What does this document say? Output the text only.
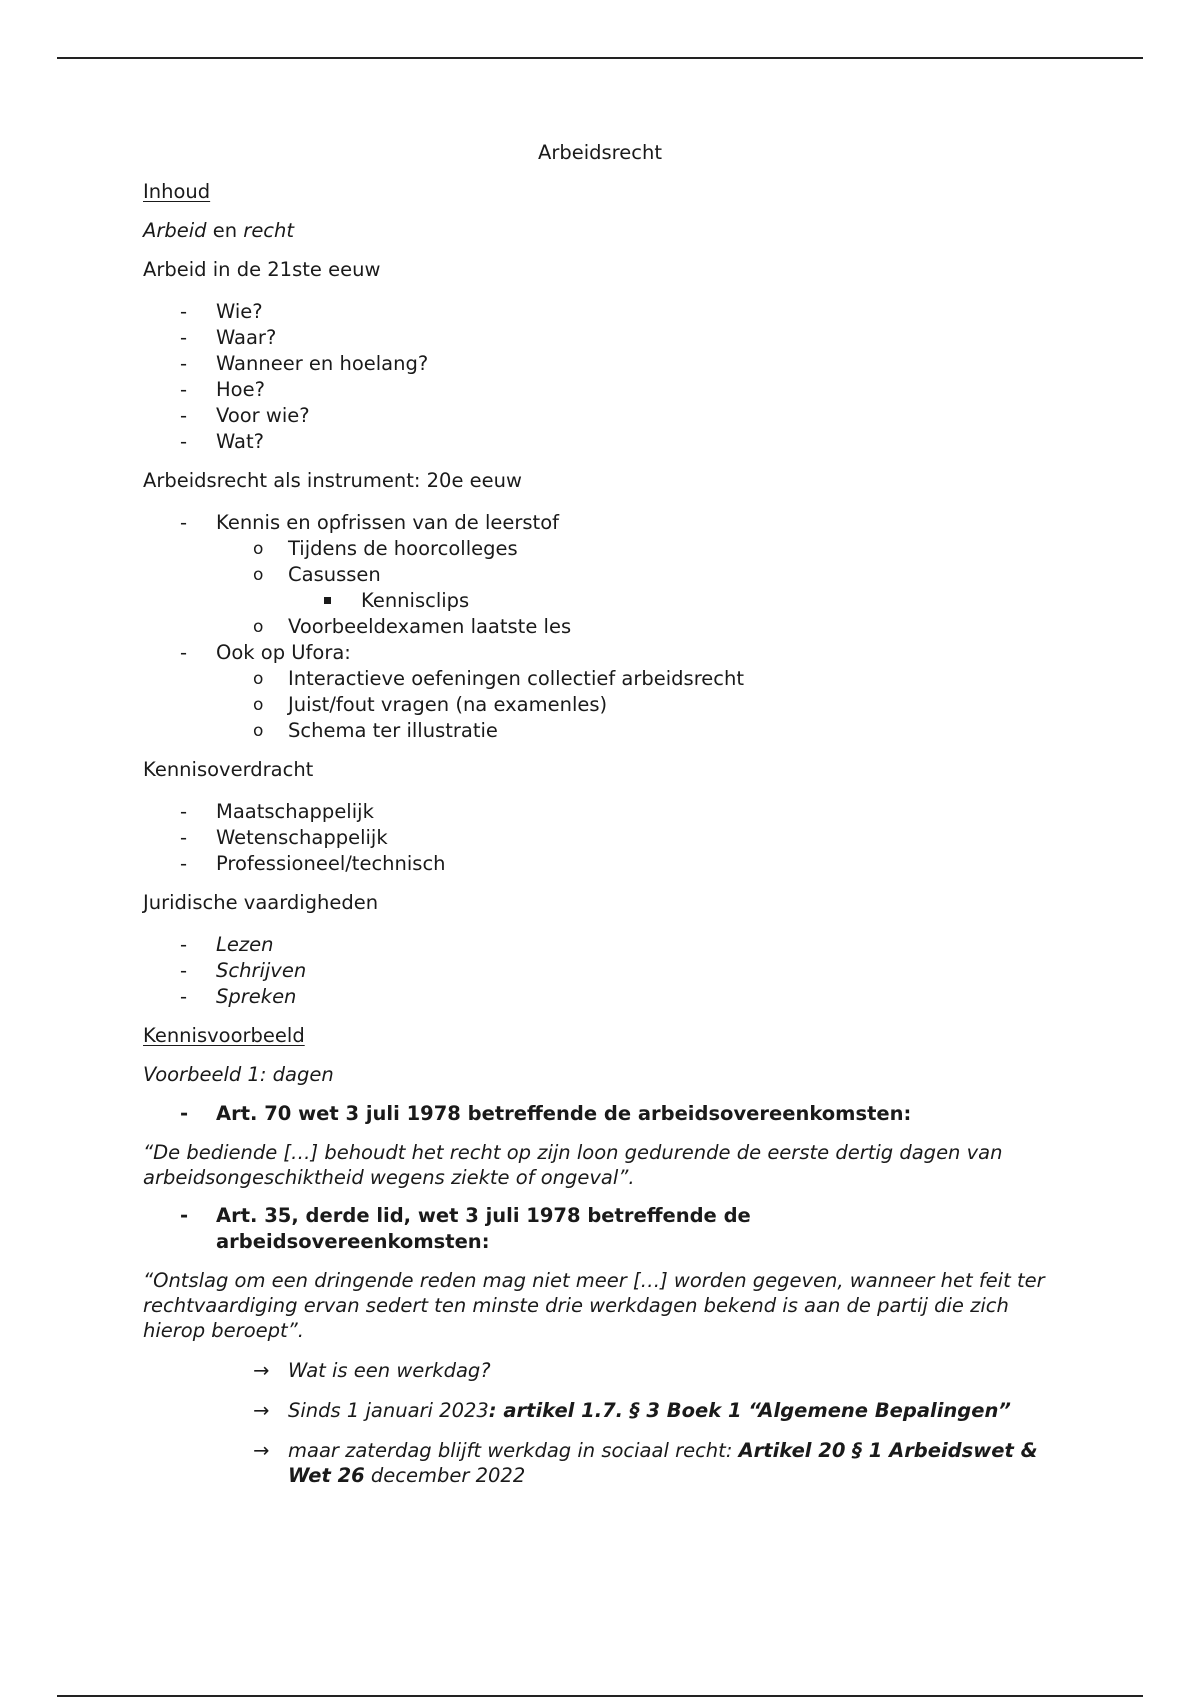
Arbeidsrecht

Inhoud

Arbeid en recht

Arbeid in de 21ste eeuw

- Wie?
- Waar?
- Wanneer en hoelang?
- Hoe?
- Voor wie?
- Wat?

Arbeidsrecht als instrument: 20e eeuw

- Kennis en opfrissen van de leerstof
o Tijdens de hoorcolleges
o Casussen
Kennisclips
o Voorbeeldexamen laatste les
- Ook op Ufora:
o Interactieve oefeningen collectief arbeidsrecht
o Juist/fout vragen (na examenles)
o Schema ter illustratie

Kennisoverdracht

- Maatschappelijk
- Wetenschappelijk
- Professioneel/technisch

Juridische vaardigheden

- Lezen
- Schrijven
- Spreken

Kennisvoorbeeld

Voorbeeld 1: dagen

- Art. 70 wet 3 juli 1978 betreffende de arbeidsovereenkomsten:

“De bediende […] behoudt het recht op zijn loon gedurende de eerste dertig dagen van arbeidsongeschiktheid wegens ziekte of ongeval”.

- Art. 35, derde lid, wet 3 juli 1978 betreffende de arbeidsovereenkomsten:

“Ontslag om een dringende reden mag niet meer […] worden gegeven, wanneer het feit ter rechtvaardiging ervan sedert ten minste drie werkdagen bekend is aan de partij die zich hierop beroept”.

→ Wat is een werkdag?
→ Sinds 1 januari 2023: artikel 1.7. § 3 Boek 1 “Algemene Bepalingen”
→ maar zaterdag blijft werkdag in sociaal recht: Artikel 20 § 1 Arbeidswet & Wet 26 december 2022
